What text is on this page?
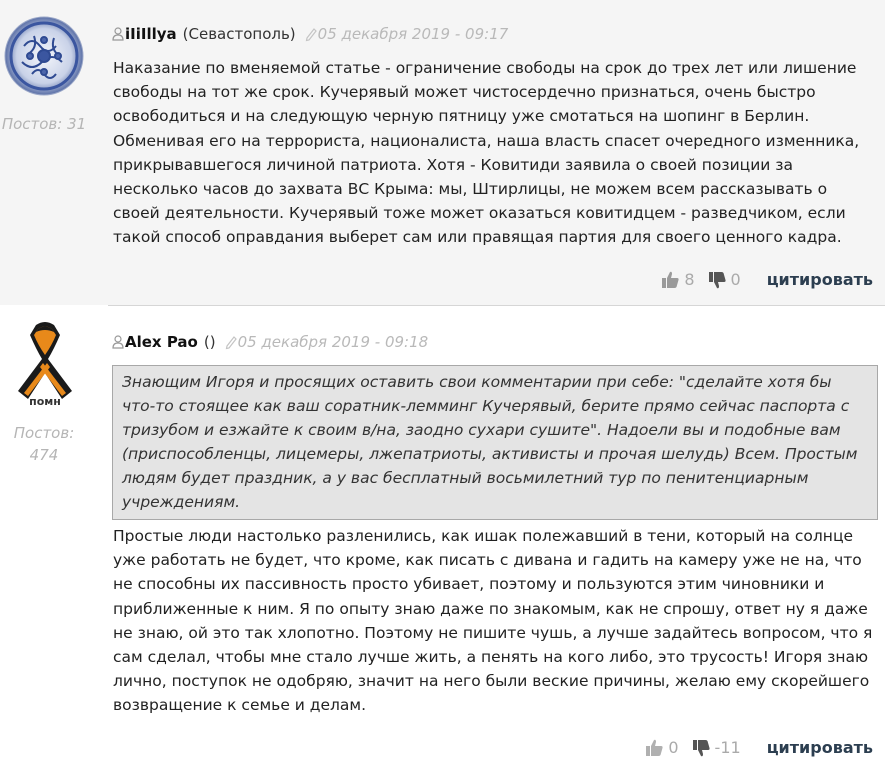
Постов: 31
iIiIllya (Севастополь) 05 декабря 2019 - 09:17
Наказание по вменяемой статье - ограничение свободы на срок до трех лет или лишение свободы на тот же срок. Кучерявый может чистосердечно признаться, очень быстро освободиться и на следующую черную пятницу уже смотаться на шопинг в Берлин. Обменивая его на террориста, националиста, наша власть спасет очередного изменника, прикрывавшегося личиной патриота. Хотя - Ковитиди заявила о своей позиции за несколько часов до захвата ВС Крыма: мы, Штирлицы, не можем всем рассказывать о своей деятельности. Кучерявый тоже может оказаться ковитидцем - разведчиком, если такой способ оправдания выберет сам или правящая партия для своего ценного кадра.
8 0 цитировать
помн
Постов:
474
Alex Pao () 05 декабря 2019 - 09:18
Знающим Игоря и просящих оставить свои комментарии при себе: "сделайте хотя бы что-то стоящее как ваш соратник-лемминг Кучерявый, берите прямо сейчас паспорта с тризубом и езжайте к своим в/на, заодно сухари сушите". Надоели вы и подобные вам (приспособленцы, лицемеры, лжепатриоты, активисты и прочая шелудь) Всем. Простым людям будет праздник, а у вас бесплатный восьмилетний тур по пенитенциарным учреждениям.
Простые люди настолько разленились, как ишак полежавший в тени, который на солнце уже работать не будет, что кроме, как писать с дивана и гадить на камеру уже не на, что не способны их пассивность просто убивает, поэтому и пользуются этим чиновники и приближенные к ним. Я по опыту знаю даже по знакомым, как не спрошу, ответ ну я даже не знаю, ой это так хлопотно. Поэтому не пишите чушь, а лучше задайтесь вопросом, что я сам сделал, чтобы мне стало лучше жить, а пенять на кого либо, это трусость! Игоря знаю лично, поступок не одобряю, значит на него были веские причины, желаю ему скорейшего возвращение к семье и делам.
0 -11 цитировать
